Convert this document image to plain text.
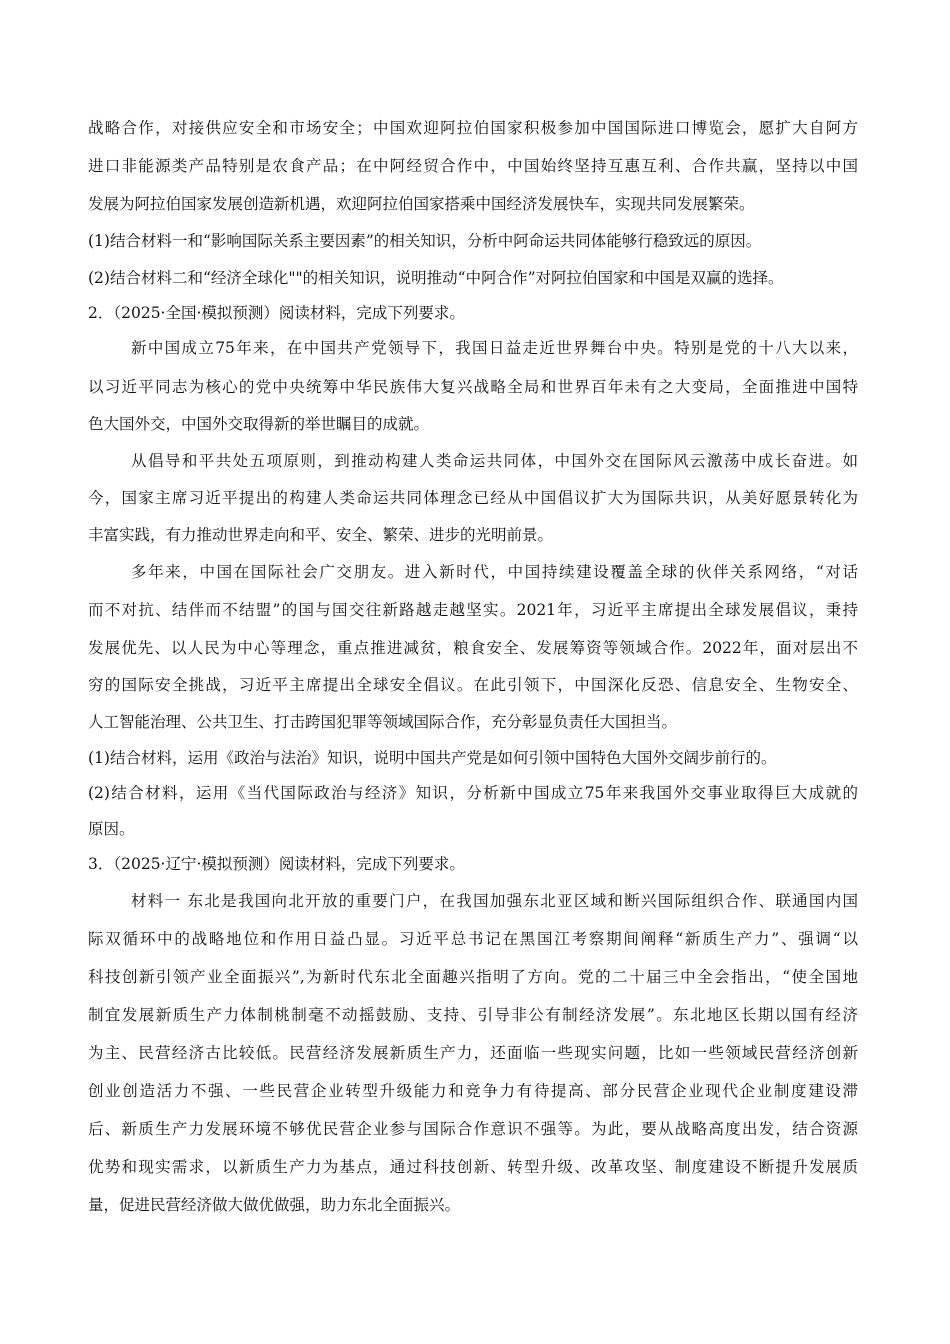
战略合作，对接供应安全和市场安全；中国欢迎阿拉伯国家积极参加中国国际进口博览会，愿扩大自阿方
进口非能源类产品特别是农食产品；在中阿经贸合作中，中国始终坚持互惠互利、合作共赢，坚持以中国
发展为阿拉伯国家发展创造新机遇，欢迎阿拉伯国家搭乘中国经济发展快车，实现共同发展繁荣。
(1)结合材料一和“影响国际关系主要因素”的相关知识，分析中阿命运共同体能够行稳致远的原因。
(2)结合材料二和“经济全球化""的相关知识，说明推动“中阿合作”对阿拉伯国家和中国是双赢的选择。
2．（2025·全国·模拟预测）阅读材料，完成下列要求。
新中国成立75年来，在中国共产党领导下，我国日益走近世界舞台中央。特别是党的十八大以来，
以习近平同志为核心的党中央统筹中华民族伟大复兴战略全局和世界百年未有之大变局，全面推进中国特
色大国外交，中国外交取得新的举世瞩目的成就。
从倡导和平共处五项原则，到推动构建人类命运共同体，中国外交在国际风云激荡中成长奋进。如
今，国家主席习近平提出的构建人类命运共同体理念已经从中国倡议扩大为国际共识，从美好愿景转化为
丰富实践，有力推动世界走向和平、安全、繁荣、进步的光明前景。
多年来，中国在国际社会广交朋友。进入新时代，中国持续建设覆盖全球的伙伴关系网络，“对话
而不对抗、结伴而不结盟”的国与国交往新路越走越坚实。2021年，习近平主席提出全球发展倡议，秉持
发展优先、以人民为中心等理念，重点推进减贫，粮食安全、发展筹资等领域合作。2022年，面对层出不
穷的国际安全挑战，习近平主席提出全球安全倡议。在此引领下，中国深化反恐、信息安全、生物安全、
人工智能治理、公共卫生、打击跨国犯罪等领域国际合作，充分彰显负责任大国担当。
(1)结合材料，运用《政治与法治》知识，说明中国共产党是如何引领中国特色大国外交阔步前行的。
(2)结合材料，运用《当代国际政治与经济》知识，分析新中国成立75年来我国外交事业取得巨大成就的
原因。
3．（2025·辽宁·模拟预测）阅读材料，完成下列要求。
材料一 东北是我国向北开放的重要门户，在我国加强东北亚区域和断兴国际组织合作、联通国内国
际双循环中的战略地位和作用日益凸显。习近平总书记在黑国江考察期间阐释“新质生产力”、强调“以
科技创新引领产业全面振兴”,为新时代东北全面趣兴指明了方向。党的二十届三中全会指出，“使全国地
制宜发展新质生产力体制桃制毫不动摇鼓励、支持、引导非公有制经济发展”。东北地区长期以国有经济
为主、民营经济古比较低。民营经济发展新质生产力，还面临一些现实问题，比如一些领域民营经济创新
创业创造活力不强、一些民营企业转型升级能力和竞争力有待提高、部分民营企业现代企业制度建设滞
后、新质生产力发展环境不够优民营企业参与国际合作意识不强等。为此，要从战略高度出发，结合资源
优势和现实需求，以新质生产力为基点，通过科技创新、转型升级、改革攻坚、制度建设不断提升发展质
量，促进民营经济做大做优做强，助力东北全面振兴。
